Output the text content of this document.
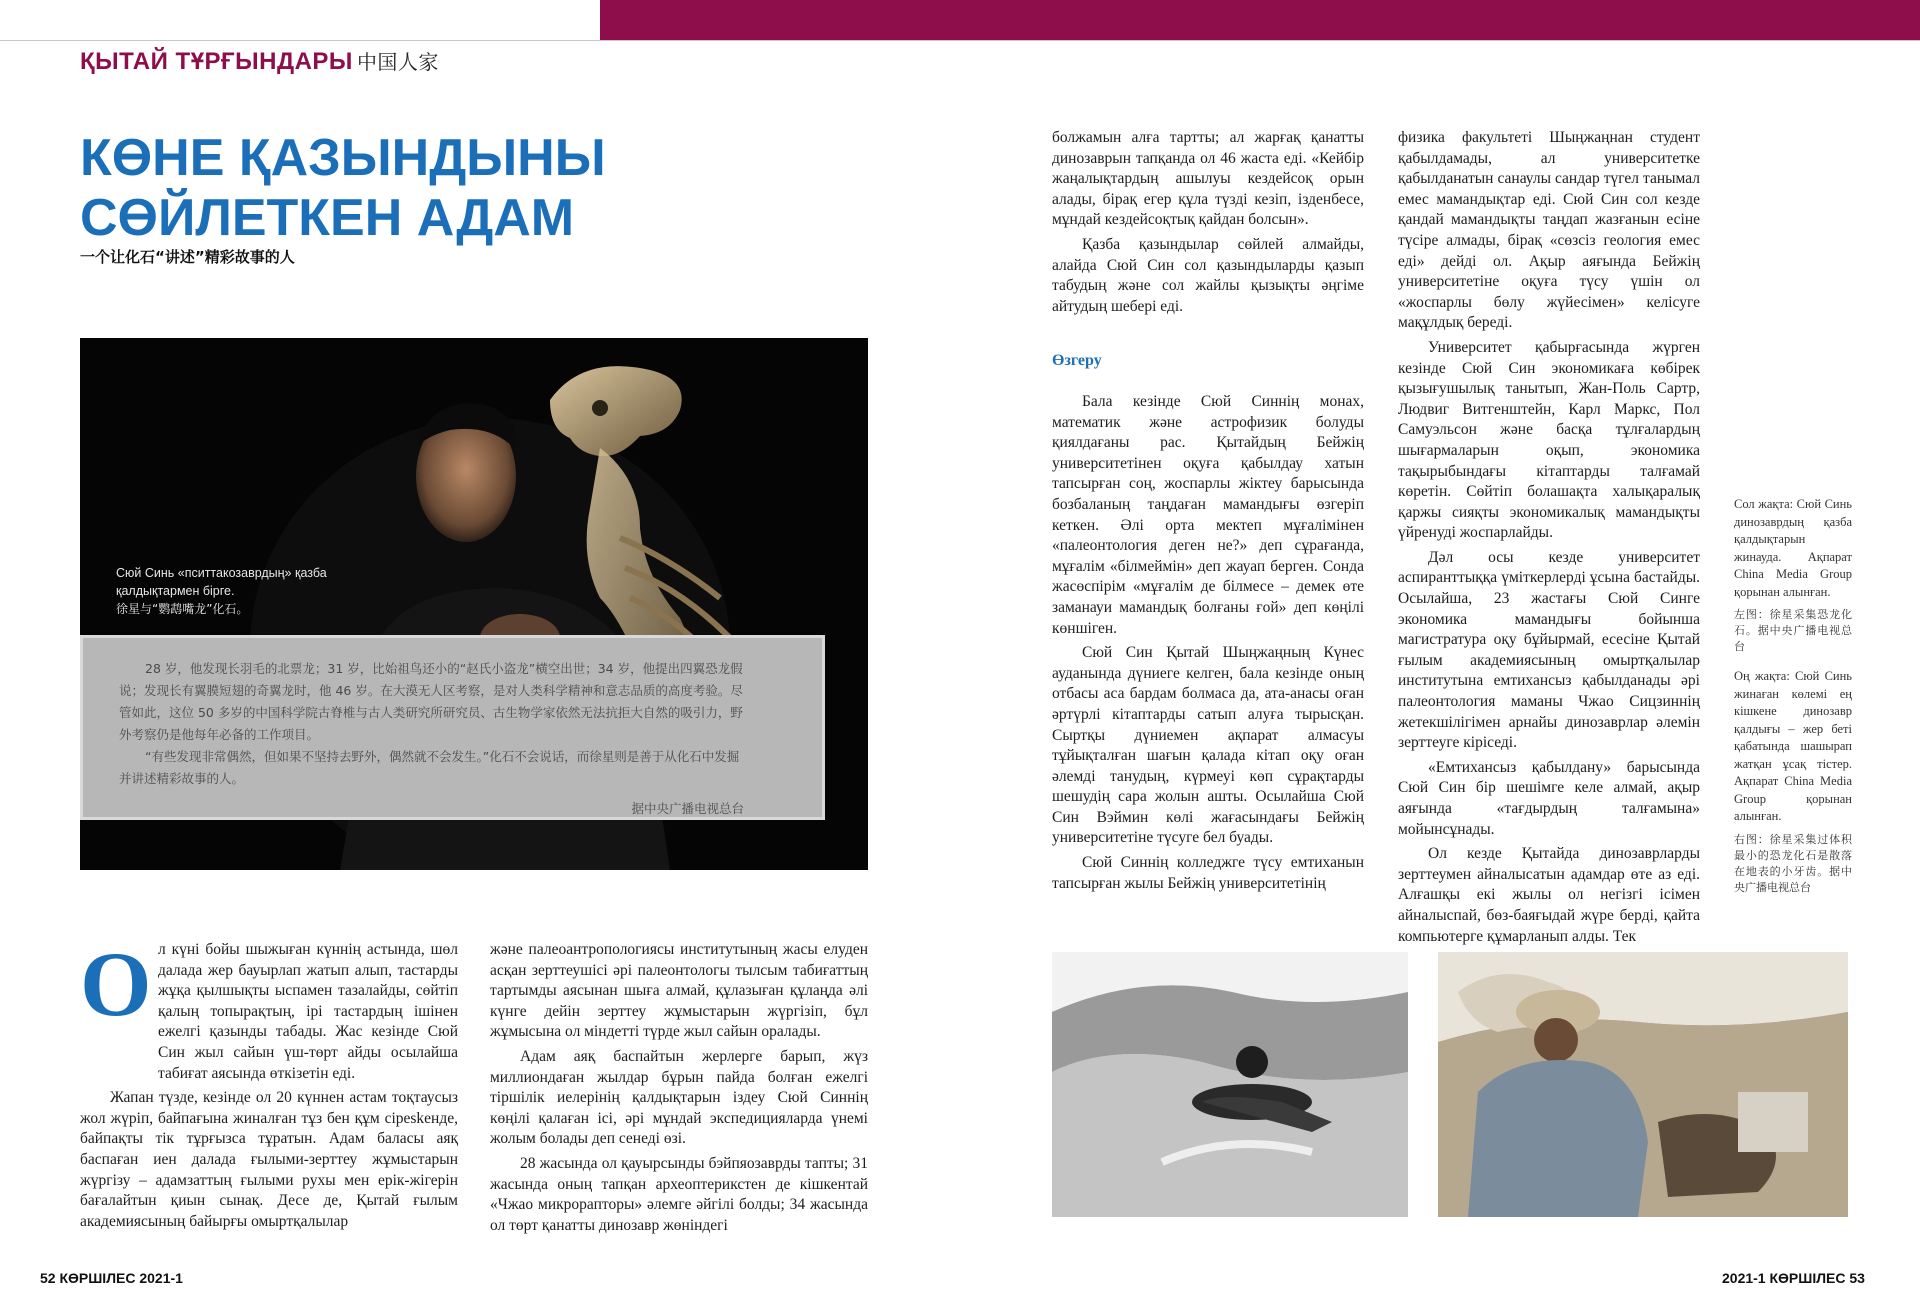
ҚЫТАЙ ТҰРҒЫНДАРЫ 中国人家
КӨНЕ ҚАЗЫНДЫНЫ СӨЙЛЕТКЕН АДАМ
一个让化石“讲述”精彩故事的人
Сюй Синь «пситтакозаврдың» қазба қалдықтармен бірге.
徐星与“鹦鹉嘴龙”化石。

28 岁，他发现长羽毛的北票龙；31 岁，比始祖鸟还小的“赵氏小盗龙”横空出世；34 岁，他提出四翼恐龙假说；发现长有翼膜短翅的奇翼龙时，他 46 岁。在大漠无人区考察，是对人类科学精神和意志品质的高度考验。尽管如此，这位 50 多岁的中国科学院古脊椎与古人类研究所研究员、古生物学家依然无法抗拒大自然的吸引力，野外考察仍是他每年必备的工作项目。

“有些发现非常偶然，但如果不坚持去野外，偶然就不会发生。”化石不会说话，而徐星则是善于从化石中发掘并讲述精彩故事的人。

据中央广播电视总台
О л күні бойы шыжыған күннің астында, шөл далада жер бауырлап жатып алып, тастарды жұқа қылшықты ыспамен тазалайды, сөйтіп қалың топырақтың, ірі тастардың ішінен ежелгі қазынды табады. Жас кезінде Сюй Син жыл сайын үш-төрт айды осылайша табиғат аясында өткізетін еді.

Жапан түзде, кезінде ол 20 күннен астам тоқтаусыз жол жүріп, байпағына жиналған тұз бен құм сіреskенде, байпақты тік тұрғызса тұратын. Адам баласы аяқ баспаған иен далада ғылыми-зерттеу жұмыстарын жүргізу – адамзаттың ғылыми рухы мен ерік-жігерін бағалайтын қиын сынақ. Десе де, Қытай ғылым академиясының байырғы омыртқалылар

және палеоантропологиясы институтының жасы елуден асқан зерттеушісі әрі палеонтологы тылсым табиғаттың тартымды аясынан шыға алмай, құлазыған құлаңда әлі күнге дейін зерттеу жұмыстарын жүргізіп, бұл жұмысына ол міндетті түрде жыл сайын оралады.

Адам аяқ баспайтын жерлерге барып, жүз миллиондаған жылдар бұрын пайда болған ежелгі тіршілік иелерінің қалдықтарын іздеу Сюй Синнің көңілі қалаған ісі, әрі мұндай экспедицияларда үнемі жолым болады деп сенеді өзі.

28 жасында ол қауырсынды бэйпяозаврды тапты; 31 жасында оның тапқан археоптерикстен де кішкентай «Чжао микрорапторы» әлемге әйгілі болды; 34 жасында ол төрт қанатты динозавр жөніндегі

болжамын алға тартты; ал жарғақ қанатты динозаврын тапқанда ол 46 жаста еді. «Кейбір жаңалықтардың ашылуы кездейсоқ орын алады, бірақ егер құла түзді кезіп, ізденбесе, мұндай кездейсоқтық қайдан болсын».

Қазба қазындылар сөйлей алмайды, алайда Сюй Син сол қазындыларды қазып табудың және сол жайлы қызықты әңгіме айтудың шебері еді.

Өзгеру

Бала кезінде Сюй Синнің монах, математик және астрофизик болуды қиялдағаны рас. Қытайдың Бейжің университетінен оқуға қабылдау хатын тапсырған соң, жоспарлы жіктеу барысында бозбаланың таңдаған мамандығы өзгеріп кеткен. Әлі орта мектеп мұғалімінен «палеонтология деген не?» деп сұрағанда, мұғалім «білмеймін» деп жауап берген. Сонда жасөспірім «мұғалім де білмесе – демек өте заманауи мамандық болғаны ғой» деп көңілі көншіген.

Сюй Син Қытай Шыңжаңның Күнес ауданында дүниеге келген, бала кезінде оның отбасы аса бардам болмаса да, ата-анасы оған әртүрлі кітаптарды сатып алуға тырысқан. Сыртқы дүниемен ақпарат алмасуы тұйықталған шағын қалада кітап оқу оған әлемді танудың, күрмеуі көп сұрақтарды шешудің сара жолын ашты. Осылайша Сюй Син Вэймин көлі жағасындағы Бейжің университетіне түсуге бел буады.

Сюй Синнің колледжге түсу емтиханын тапсырған жылы Бейжің университетінің

физика факультеті Шыңжаңнан студент қабылдамады, ал университетке қабылданатын санаулы сандар түгел танымал емес мамандықтар еді. Сюй Син сол кезде қандай мамандықты таңдап жазғанын есіне түсіре алмады, бірақ «сөзсіз геология емес еді» дейді ол. Ақыр аяғында Бейжің университетіне оқуға түсу үшін ол «жоспарлы бөлу жүйесімен» келісуге мақұлдық береді.

Университет қабырғасында жүрген кезінде Сюй Син экономикаға көбірек қызығушылық танытып, Жан-Поль Сартр, Людвиг Витгенштейн, Карл Маркс, Пол Самуэльсон және басқа тұлғалардың шығармаларын оқып, экономика тақырыбындағы кітаптарды талғамай көретін. Сөйтіп болашақта халықаралық қаржы сияқты экономикалық мамандықты үйренуді жоспарлайды.

Дәл осы кезде университет аспиранттыққа үміткерлерді ұсына бастайды. Осылайша, 23 жастағы Сюй Синге экономика мамандығы бойынша магистратура оқу бұйырмай, есесіне Қытай ғылым академиясының омыртқалылар институтына емтихансыз қабылданады әрі палеонтология маманы Чжао Сицзиннің жетекшілігімен арнайы динозаврлар әлемін зерттеуге кіріседі.

«Емтихансыз қабылдану» барысында Сюй Син бір шешімге келе алмай, ақыр аяғында «тағдырдың талғамына» мойынсұнады.

Ол кезде Қытайда динозаврларды зерттеумен айналысатын адамдар өте аз еді. Алғашқы екі жылы ол негізгі ісімен айналыспай, бөз-баяғыдай жүре берді, қайта компьютерге құмарланып алды. Тек

Сол жақта: Сюй Синь динозаврдың қазба қалдықтарын жинауда. Ақпарат China Media Group қорынан алынған.
左图：徐星采集恐龙化石。据中央广播电视总台
Оң жақта: Сюй Синь жинаған көлемі ең кішкене динозавр қалдығы – жер беті қабатында шашырап жатқан ұсақ тістер. Ақпарат China Media Group қорынан алынған.
右图：徐星采集过体积最小的恐龙化石是散落在地表的小牙齿。据中央广播电视总台
52 КӨРШІЛЕС 2021-1	2021-1 КӨРШІЛЕС 53
